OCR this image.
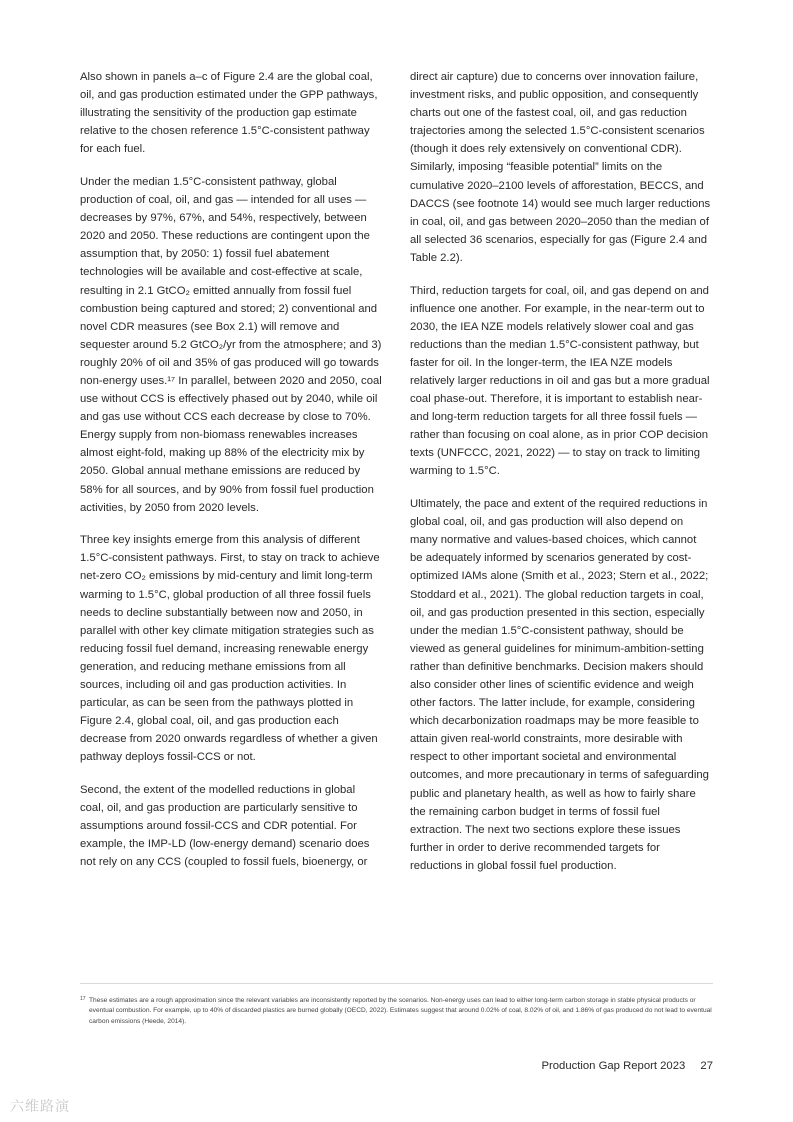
Also shown in panels a–c of Figure 2.4 are the global coal, oil, and gas production estimated under the GPP pathways, illustrating the sensitivity of the production gap estimate relative to the chosen reference 1.5°C-consistent pathway for each fuel.

Under the median 1.5°C-consistent pathway, global production of coal, oil, and gas — intended for all uses — decreases by 97%, 67%, and 54%, respectively, between 2020 and 2050. These reductions are contingent upon the assumption that, by 2050: 1) fossil fuel abatement technologies will be available and cost-effective at scale, resulting in 2.1 GtCO₂ emitted annually from fossil fuel combustion being captured and stored; 2) conventional and novel CDR measures (see Box 2.1) will remove and sequester around 5.2 GtCO₂/yr from the atmosphere; and 3) roughly 20% of oil and 35% of gas produced will go towards non-energy uses.¹⁷ In parallel, between 2020 and 2050, coal use without CCS is effectively phased out by 2040, while oil and gas use without CCS each decrease by close to 70%. Energy supply from non-biomass renewables increases almost eight-fold, making up 88% of the electricity mix by 2050. Global annual methane emissions are reduced by 58% for all sources, and by 90% from fossil fuel production activities, by 2050 from 2020 levels.

Three key insights emerge from this analysis of different 1.5°C-consistent pathways. First, to stay on track to achieve net-zero CO₂ emissions by mid-century and limit long-term warming to 1.5°C, global production of all three fossil fuels needs to decline substantially between now and 2050, in parallel with other key climate mitigation strategies such as reducing fossil fuel demand, increasing renewable energy generation, and reducing methane emissions from all sources, including oil and gas production activities. In particular, as can be seen from the pathways plotted in Figure 2.4, global coal, oil, and gas production each decrease from 2020 onwards regardless of whether a given pathway deploys fossil-CCS or not.

Second, the extent of the modelled reductions in global coal, oil, and gas production are particularly sensitive to assumptions around fossil-CCS and CDR potential. For example, the IMP-LD (low-energy demand) scenario does not rely on any CCS (coupled to fossil fuels, bioenergy, or

direct air capture) due to concerns over innovation failure, investment risks, and public opposition, and consequently charts out one of the fastest coal, oil, and gas reduction trajectories among the selected 1.5°C-consistent scenarios (though it does rely extensively on conventional CDR). Similarly, imposing “feasible potential” limits on the cumulative 2020–2100 levels of afforestation, BECCS, and DACCS (see footnote 14) would see much larger reductions in coal, oil, and gas between 2020–2050 than the median of all selected 36 scenarios, especially for gas (Figure 2.4 and Table 2.2).

Third, reduction targets for coal, oil, and gas depend on and influence one another. For example, in the near-term out to 2030, the IEA NZE models relatively slower coal and gas reductions than the median 1.5°C-consistent pathway, but faster for oil. In the longer-term, the IEA NZE models relatively larger reductions in oil and gas but a more gradual coal phase-out. Therefore, it is important to establish near- and long-term reduction targets for all three fossil fuels — rather than focusing on coal alone, as in prior COP decision texts (UNFCCC, 2021, 2022) — to stay on track to limiting warming to 1.5°C.

Ultimately, the pace and extent of the required reductions in global coal, oil, and gas production will also depend on many normative and values-based choices, which cannot be adequately informed by scenarios generated by cost-optimized IAMs alone (Smith et al., 2023; Stern et al., 2022; Stoddard et al., 2021). The global reduction targets in coal, oil, and gas production presented in this section, especially under the median 1.5°C-consistent pathway, should be viewed as general guidelines for minimum-ambition-setting rather than definitive benchmarks. Decision makers should also consider other lines of scientific evidence and weigh other factors. The latter include, for example, considering which decarbonization roadmaps may be more feasible to attain given real-world constraints, more desirable with respect to other important societal and environmental outcomes, and more precautionary in terms of safeguarding public and planetary health, as well as how to fairly share the remaining carbon budget in terms of fossil fuel extraction. The next two sections explore these issues further in order to derive recommended targets for reductions in global fossil fuel production.

17 These estimates are a rough approximation since the relevant variables are inconsistently reported by the scenarios. Non-energy uses can lead to either long-term carbon storage in stable physical products or eventual combustion. For example, up to 40% of discarded plastics are burned globally (OECD, 2022). Estimates suggest that around 0.02% of coal, 8.02% of oil, and 1.86% of gas produced do not lead to eventual carbon emissions (Heede, 2014).
Production Gap Report 2023 27
六维路演
